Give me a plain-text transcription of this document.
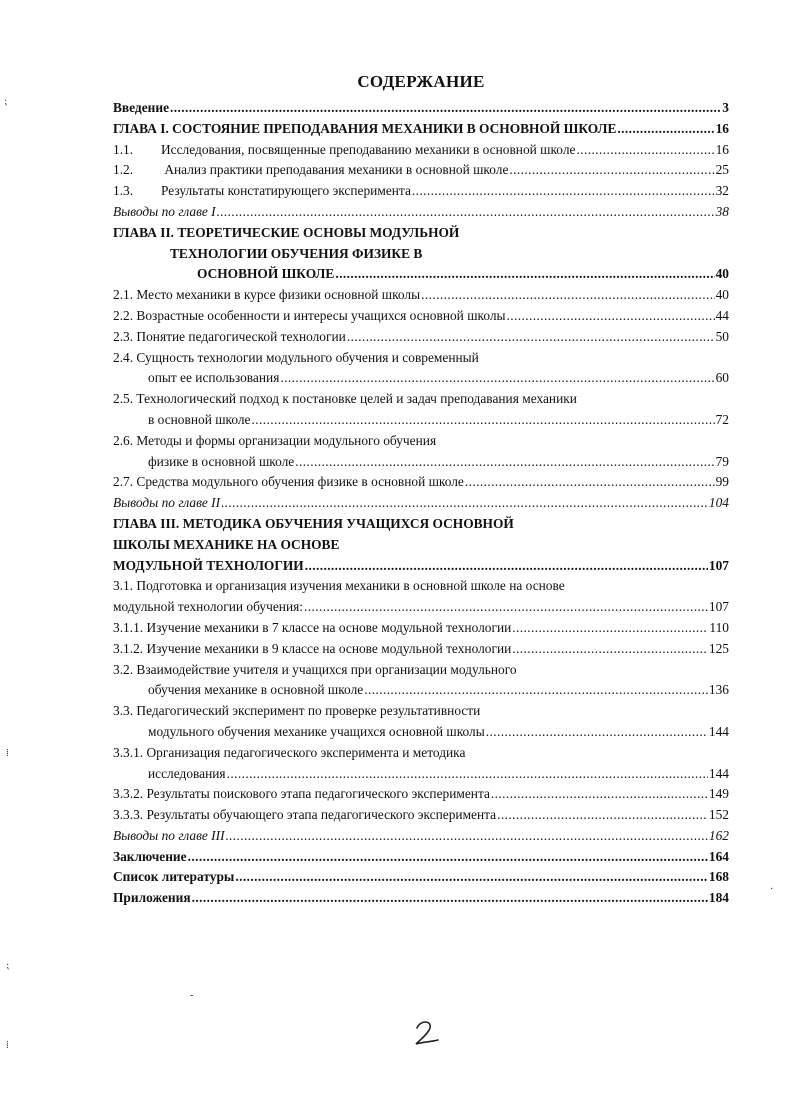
СОДЕРЖАНИЕ
Введение .....	3
ГЛАВА I. СОСТОЯНИЕ ПРЕПОДАВАНИЯ МЕХАНИКИ В ОСНОВНОЙ ШКОЛЕ .....	16
1.1. Исследования, посвященные преподаванию механики в основной школе .....	16
1.2. Анализ практики преподавания механики в основной школе .....	25
1.3. Результаты констатирующего эксперимента .....	32
Выводы по главе I .....	38
ГЛАВА II. ТЕОРЕТИЧЕСКИЕ ОСНОВЫ МОДУЛЬНОЙ
ТЕХНОЛОГИИ ОБУЧЕНИЯ ФИЗИКЕ В
ОСНОВНОЙ ШКОЛЕ .....	40
2.1. Место механики в курсе физики основной школы .....	40
2.2. Возрастные особенности и интересы учащихся основной школы .....	44
2.3. Понятие педагогической технологии .....	50
2.4. Сущность технологии модульного обучения и современный
опыт ее использования .....	60
2.5. Технологический подход к постановке целей и задач преподавания механики
в основной школе .....	72
2.6. Методы и формы организации модульного обучения
физике в основной школе .....	79
2.7. Средства модульного обучения физике в основной школе .....	99
Выводы по главе II .....	104
ГЛАВА III. МЕТОДИКА ОБУЧЕНИЯ УЧАЩИХСЯ ОСНОВНОЙ
ШКОЛЫ МЕХАНИКЕ НА ОСНОВЕ
МОДУЛЬНОЙ ТЕХНОЛОГИИ .....	107
3.1. Подготовка и организация изучения механики в основной школе на основе
модульной технологии обучения: .....	107
3.1.1. Изучение механики в 7 классе на основе модульной технологии .....	110
3.1.2. Изучение механики в 9 классе на основе модульной технологии .....	125
3.2. Взаимодействие учителя и учащихся при организации модульного
обучения механике в основной школе .....	136
3.3. Педагогический эксперимент по проверке результативности
модульного обучения механике учащихся основной школы .....	144
3.3.1. Организация педагогического эксперимента и методика
исследования .....	144
3.3.2. Результаты поискового этапа педагогического эксперимента .....	149
3.3.3. Результаты обучающего этапа педагогического эксперимента .....	152
Выводы по главе III .....	162
Заключение .....	164
Список литературы .....	168
Приложения .....	184
⁏
⁞
⁏
⁞
·
-
